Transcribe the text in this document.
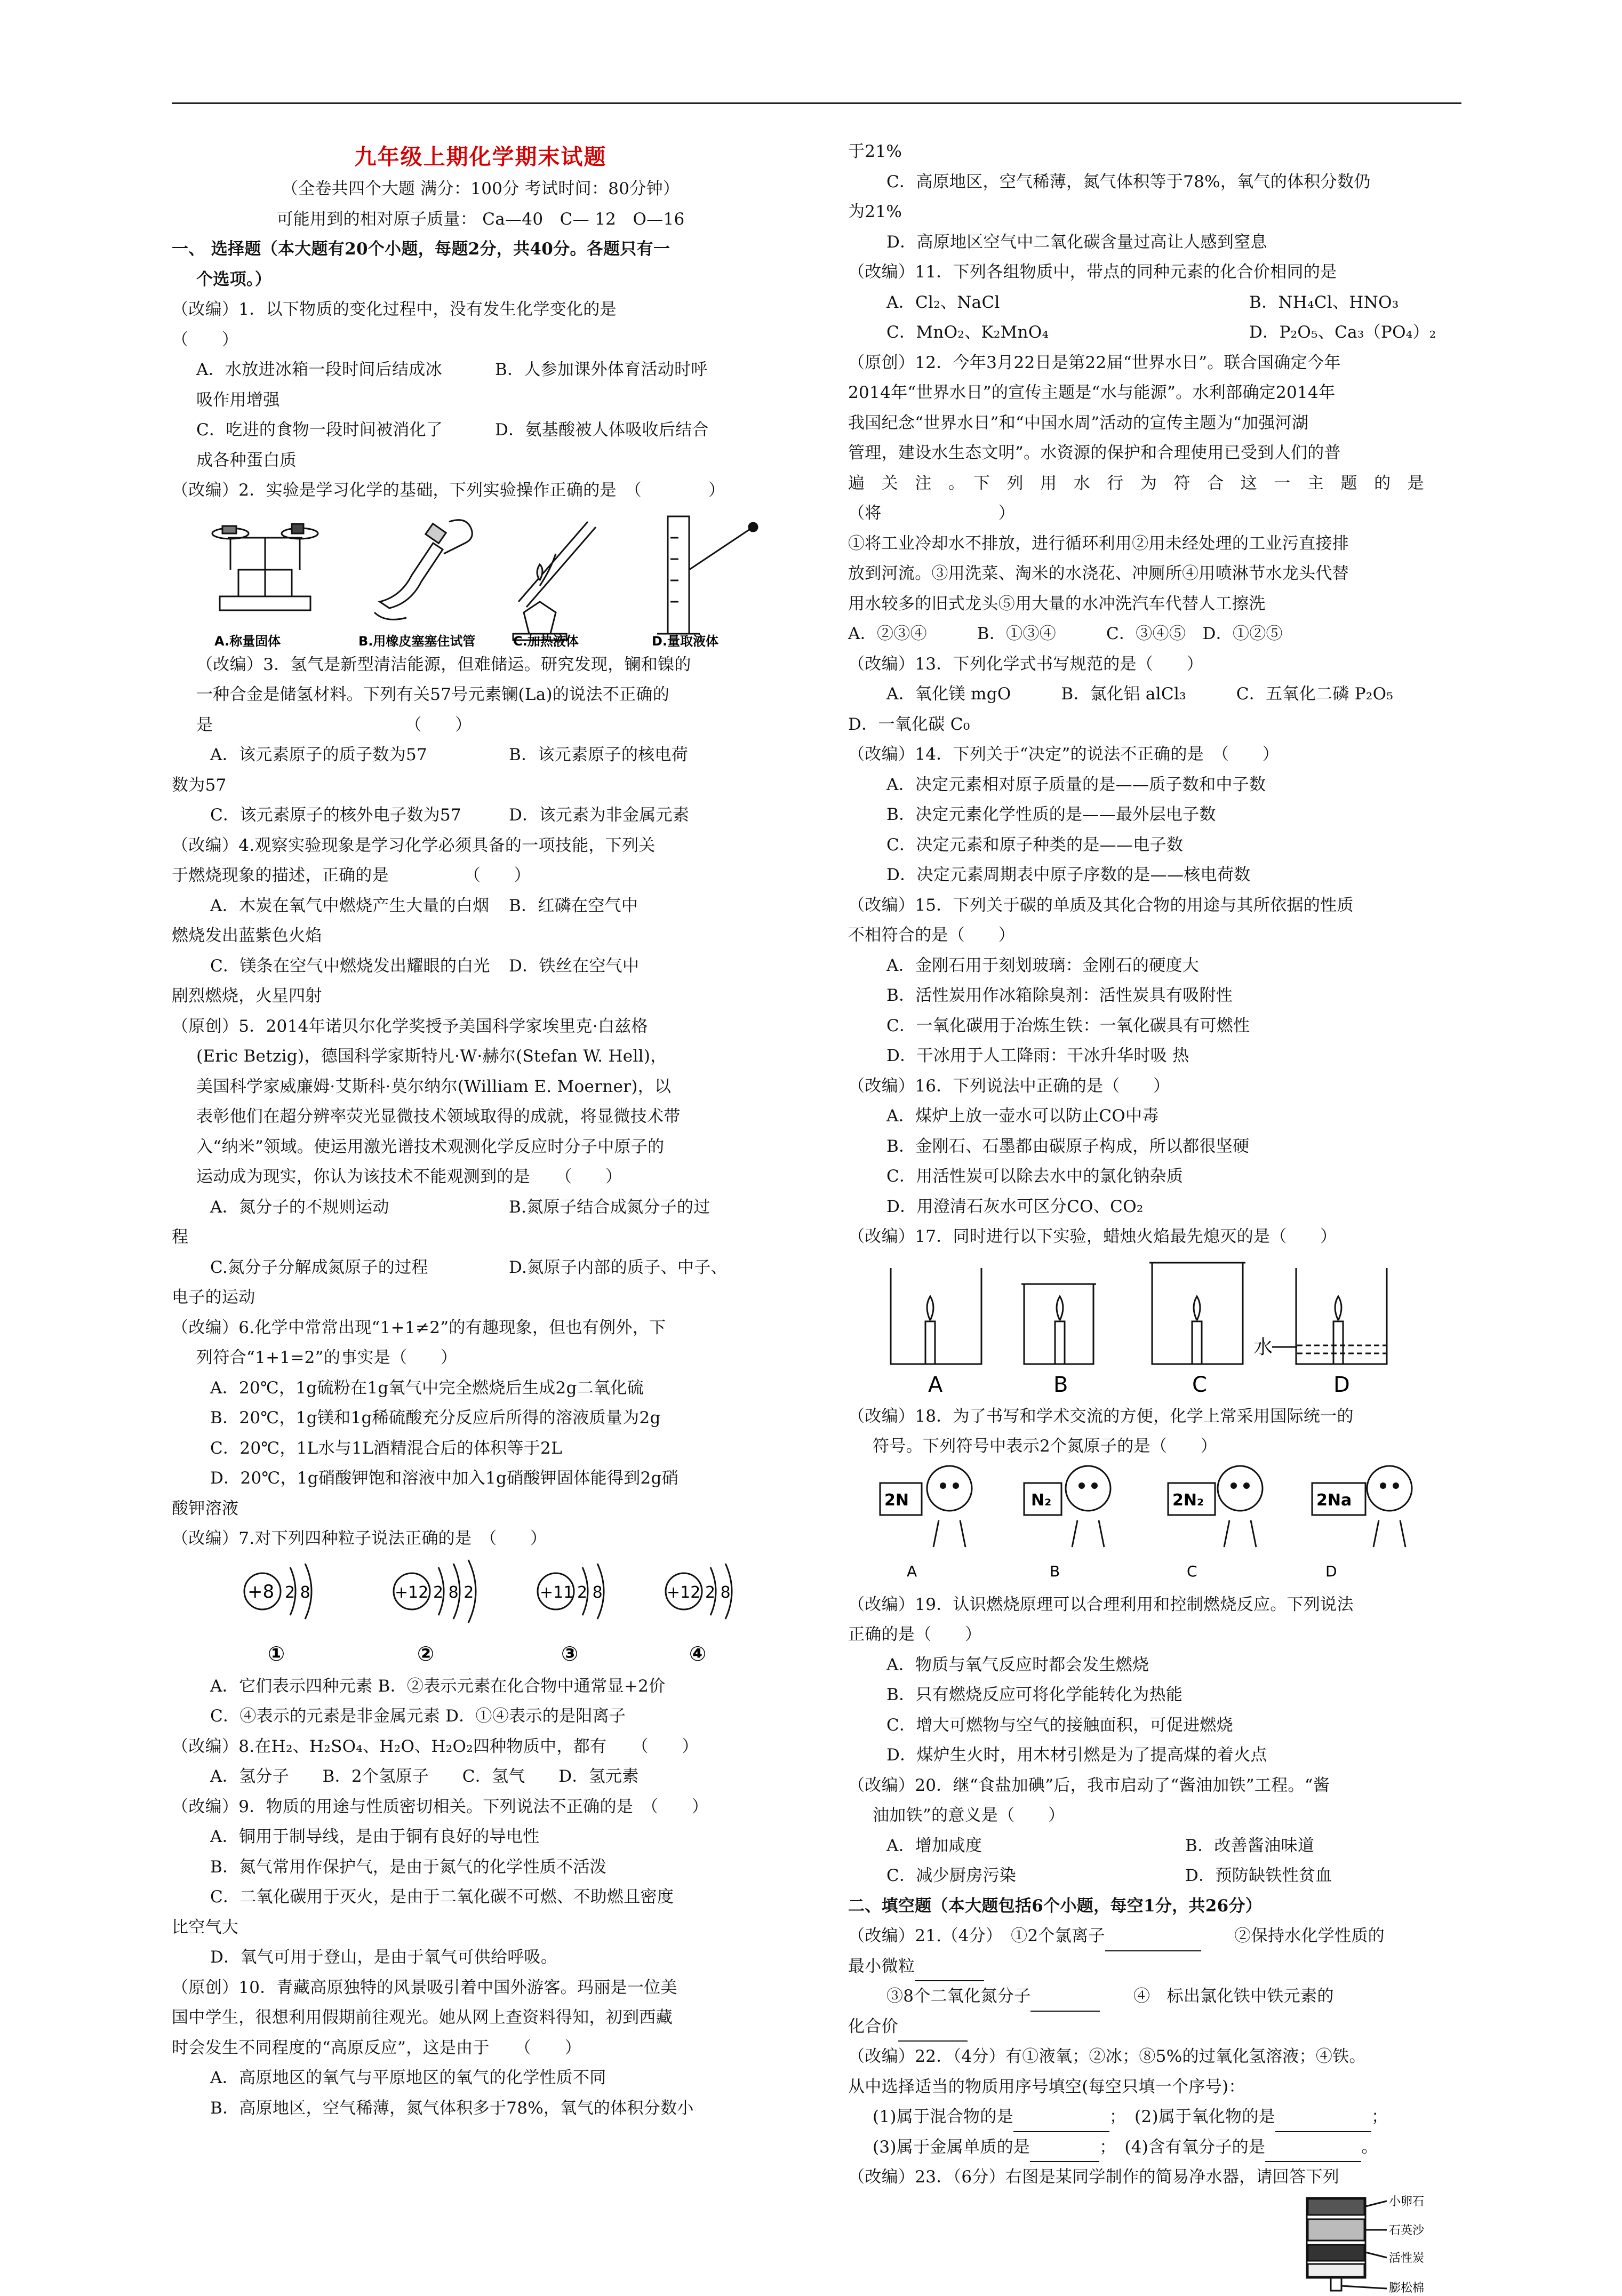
九年级上期化学期末试题
（全卷共四个大题 满分：100分 考试时间：80分钟）
可能用到的相对原子质量： Ca—40　C— 12　O—16
一、 选择题（本大题有20个小题，每题2分，共40分。各题只有一
个选项。）
（改编）1．以下物质的变化过程中，没有发生化学变化的是
（　　）
A．水放进冰箱一段时间后结成冰	B．人参加课外体育活动时呼
吸作用增强
C．吃进的食物一段时间被消化了	D．氨基酸被人体吸收后结合
成各种蛋白质
（改编）2．实验是学习化学的基础，下列实验操作正确的是　（　　　　）
A.称量固体	B.用橡皮塞塞住试管	C.加热液体	D.量取液体
（改编）3．氢气是新型清洁能源，但难储运。研究发现，镧和镍的
一种合金是储氢材料。下列有关57号元素镧(La)的说法不正确的
是　　　　　　　　　　　　（　　）
A．该元素原子的质子数为57	B．该元素原子的核电荷
数为57
C．该元素原子的核外电子数为57	D．该元素为非金属元素
（改编）4.观察实验现象是学习化学必须具备的一项技能，下列关
于燃烧现象的描述，正确的是　　　　　（　　）
A．木炭在氧气中燃烧产生大量的白烟	B．红磷在空气中
燃烧发出蓝紫色火焰
C．镁条在空气中燃烧发出耀眼的白光	D．铁丝在空气中
剧烈燃烧，火星四射
（原创）5．2014年诺贝尔化学奖授予美国科学家埃里克·白兹格
(Eric Betzig)，德国科学家斯特凡·W·赫尔(Stefan W. Hell)，
美国科学家威廉姆·艾斯科·莫尔纳尔(William E. Moerner)，以
表彰他们在超分辨率荧光显微技术领域取得的成就，将显微技术带
入“纳米”领域。使运用激光谱技术观测化学反应时分子中原子的
运动成为现实，你认为该技术不能观测到的是　　（　　）
A．氮分子的不规则运动	B.氮原子结合成氮分子的过
程
C.氮分子分解成氮原子的过程	D.氮原子内部的质子、中子、
电子的运动
（改编）6.化学中常常出现“1+1≠2”的有趣现象，但也有例外，下
列符合“1+1=2”的事实是（　　）
A．20℃，1g硫粉在1g氧气中完全燃烧后生成2g二氧化硫
B．20℃，1g镁和1g稀硫酸充分反应后所得的溶液质量为2g
C．20℃，1L水与1L酒精混合后的体积等于2L
D．20℃，1g硝酸钾饱和溶液中加入1g硝酸钾固体能得到2g硝
酸钾溶液
（改编）7.对下列四种粒子说法正确的是　（　　）
+8 2 8
①
+12 2 8 2
②
+11 2 8
③
+12 2 8
④
A．它们表示四种元素 B．②表示元素在化合物中通常显+2价
C．④表示的元素是非金属元素 D．①④表示的是阳离子
（改编）8.在H₂、H₂SO₄、H₂O、H₂O₂四种物质中，都有　　（　　）
A．氢分子　　B．2个氢原子　　C．氢气　　D．氢元素
（改编）9．物质的用途与性质密切相关。下列说法不正确的是　（　　）
A．铜用于制导线，是由于铜有良好的导电性
B．氮气常用作保护气，是由于氮气的化学性质不活泼
C．二氧化碳用于灭火，是由于二氧化碳不可燃、不助燃且密度
比空气大
D．氧气可用于登山，是由于氧气可供给呼吸。
（原创）10．青藏高原独特的风景吸引着中国外游客。玛丽是一位美
国中学生，很想利用假期前往观光。她从网上查资料得知，初到西藏
时会发生不同程度的“高原反应”，这是由于　　（　　）
A．高原地区的氧气与平原地区的氧气的化学性质不同
B．高原地区，空气稀薄，氮气体积多于78%，氧气的体积分数小
于21%
C．高原地区，空气稀薄，氮气体积等于78%，氧气的体积分数仍
为21%
D．高原地区空气中二氧化碳含量过高让人感到窒息
（改编）11．下列各组物质中，带点的同种元素的化合价相同的是
A．Cl₂、NaCl	B．NH₄Cl、HNO₃
C．MnO₂、K₂MnO₄	D．P₂O₅、Ca₃（PO₄）₂
（原创）12．今年3月22日是第22届“世界水日”。联合国确定今年
2014年“世界水日”的宣传主题是“水与能源”。水利部确定2014年
我国纪念“世界水日”和“中国水周”活动的宣传主题为“加强河湖
管理，建设水生态文明”。水资源的保护和合理使用已受到人们的普
遍　关　注　。　下　列　用　水　行　为　符　合　这　一　主　题　的　是
（将　　　　　　　）
①将工业冷却水不排放，进行循环利用②用未经处理的工业污直接排
放到河流。③用洗菜、淘米的水浇花、冲厕所④用喷淋节水龙头代替
用水较多的旧式龙头⑤用大量的水冲洗汽车代替人工擦洗
A．②③④　　　B．①③④　　　C．③④⑤　D．①②⑤
（改编）13．下列化学式书写规范的是（　　）
A．氧化镁 mgO　　　B．氯化铝 alCl₃　　　C．五氧化二磷 P₂O₅
D．一氧化碳 C₀
（改编）14．下列关于“决定”的说法不正确的是　（　　）
A．决定元素相对原子质量的是——质子数和中子数
B．决定元素化学性质的是——最外层电子数
C．决定元素和原子种类的是——电子数
D．决定元素周期表中原子序数的是——核电荷数
（改编）15．下列关于碳的单质及其化合物的用途与其所依据的性质
不相符合的是（　　）
A．金刚石用于刻划玻璃：金刚石的硬度大
B．活性炭用作冰箱除臭剂：活性炭具有吸附性
C．一氧化碳用于冶炼生铁：一氧化碳具有可燃性
D．干冰用于人工降雨：干冰升华时吸 热
（改编）16．下列说法中正确的是（　　）
A．煤炉上放一壶水可以防止CO中毒
B．金刚石、石墨都由碳原子构成，所以都很坚硬
C．用活性炭可以除去水中的氯化钠杂质
D．用澄清石灰水可区分CO、CO₂
（改编）17．同时进行以下实验，蜡烛火焰最先熄灭的是（　　）
水
A	B	C	D
（改编）18．为了书写和学术交流的方便，化学上常采用国际统一的
符号。下列符号中表示2个氮原子的是（　　）
2N
A
N₂
B
2N₂
C
2Na
D
（改编）19．认识燃烧原理可以合理利用和控制燃烧反应。下列说法
正确的是（　　）
A．物质与氧气反应时都会发生燃烧
B．只有燃烧反应可将化学能转化为热能
C．增大可燃物与空气的接触面积，可促进燃烧
D．煤炉生火时，用木材引燃是为了提高煤的着火点
（改编）20．继“食盐加碘”后，我市启动了“酱油加铁”工程。“酱
油加铁”的意义是（　　）
A．增加咸度	B．改善酱油味道
C．减少厨房污染	D．预防缺铁性贫血
二、填空题（本大题包括6个小题，每空1分，共26分）
（改编）21.（4分）　①2个氯离子	　　②保持水化学性质的
最小微粒
③8个二氧化氮分子	　　④　标出氯化铁中铁元素的
化合价
（改编）22．（4分）有①液氧；②冰；⑧5%的过氧化氢溶液；④铁。
从中选择适当的物质用序号填空(每空只填一个序号)：
(1)属于混合物的是	；　(2)属于氧化物的是	；
(3)属于金属单质的是	；　(4)含有氧分子的是	。
（改编）23．（6分）右图是某同学制作的简易净水器，请回答下列
小卵石
石英沙
活性炭
膨松棉
